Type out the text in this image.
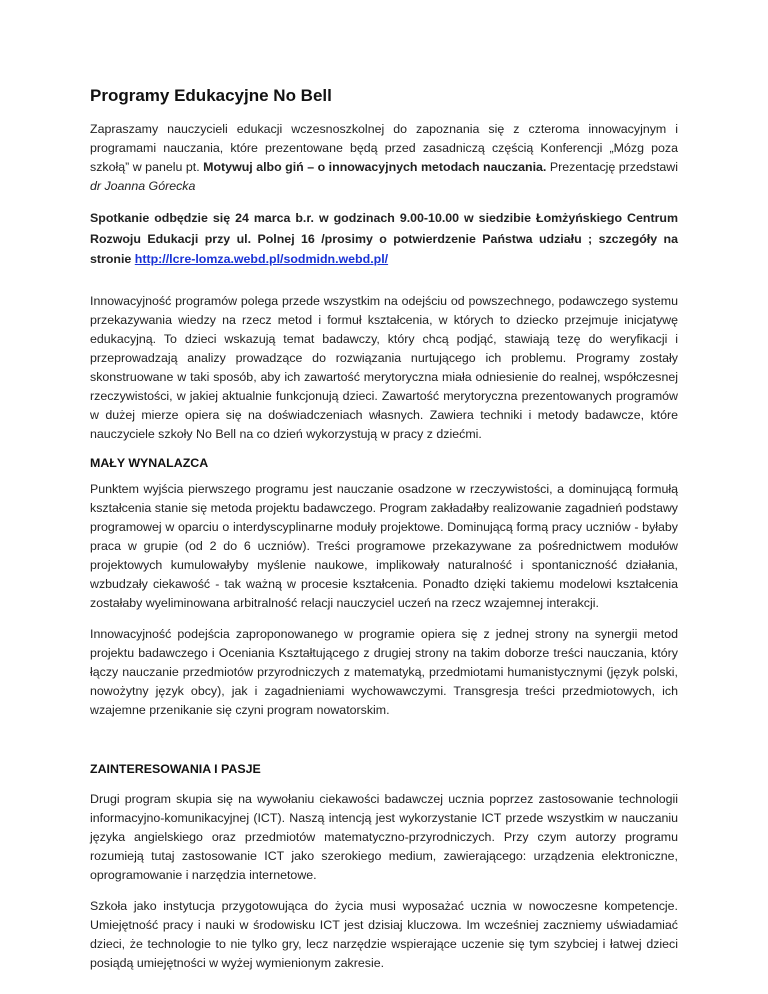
Programy Edukacyjne No Bell

Zapraszamy nauczycieli edukacji wczesnoszkolnej do zapoznania się z czteroma innowacyjnym i programami nauczania, które prezentowane będą przed zasadniczą częścią Konferencji „Mózg poza szkołą” w panelu pt. Motywuj albo giń – o innowacyjnych metodach nauczania. Prezentację przedstawi dr Joanna Górecka

Spotkanie odbędzie się 24 marca b.r. w godzinach 9.00-10.00 w siedzibie Łomżyńskiego Centrum Rozwoju Edukacji przy ul. Polnej 16 /prosimy o potwierdzenie Państwa udziału ; szczegóły na stronie http://lcre-lomza.webd.pl/sodmidn.webd.pl/

Innowacyjność programów polega przede wszystkim na odejściu od powszechnego, podawczego systemu przekazywania wiedzy na rzecz metod i formuł kształcenia, w których to dziecko przejmuje inicjatywę edukacyjną. To dzieci wskazują temat badawczy, który chcą podjąć, stawiają tezę do weryfikacji i przeprowadzają analizy prowadzące do rozwiązania nurtującego ich problemu. Programy zostały skonstruowane w taki sposób, aby ich zawartość merytoryczna miała odniesienie do realnej, współczesnej rzeczywistości, w jakiej aktualnie funkcjonują dzieci. Zawartość merytoryczna prezentowanych programów w dużej mierze opiera się na doświadczeniach własnych. Zawiera techniki i metody badawcze, które nauczyciele szkoły No Bell na co dzień wykorzystują w pracy z dziećmi.

MAŁY WYNALAZCA

Punktem wyjścia pierwszego programu jest nauczanie osadzone w rzeczywistości, a dominującą formułą kształcenia stanie się metoda projektu badawczego. Program zakładałby realizowanie zagadnień podstawy programowej w oparciu o interdyscyplinarne moduły projektowe. Dominującą formą pracy uczniów - byłaby praca w grupie (od 2 do 6 uczniów). Treści programowe przekazywane za pośrednictwem modułów projektowych kumulowałyby myślenie naukowe, implikowały naturalność i spontaniczność działania, wzbudzały ciekawość - tak ważną w procesie kształcenia. Ponadto dzięki takiemu modelowi kształcenia zostałaby wyeliminowana arbitralność relacji nauczyciel uczeń na rzecz wzajemnej interakcji.

Innowacyjność podejścia zaproponowanego w programie opiera się z jednej strony na synergii metod projektu badawczego i Oceniania Kształtującego z drugiej strony na takim doborze treści nauczania, który łączy nauczanie przedmiotów przyrodniczych z matematyką, przedmiotami humanistycznymi (język polski, nowożytny język obcy), jak i zagadnieniami wychowawczymi. Transgresja treści przedmiotowych, ich wzajemne przenikanie się czyni program nowatorskim.

ZAINTERESOWANIA I PASJE

Drugi program skupia się na wywołaniu ciekawości badawczej ucznia poprzez zastosowanie technologii informacyjno-komunikacyjnej (ICT). Naszą intencją jest wykorzystanie ICT przede wszystkim w nauczaniu języka angielskiego oraz przedmiotów matematyczno-przyrodniczych. Przy czym autorzy programu rozumieją tutaj zastosowanie ICT jako szerokiego medium, zawierającego: urządzenia elektroniczne, oprogramowanie i narzędzia internetowe.

Szkoła jako instytucja przygotowująca do życia musi wyposażać ucznia w nowoczesne kompetencje. Umiejętność pracy i nauki w środowisku ICT jest dzisiaj kluczowa. Im wcześniej zaczniemy uświadamiać dzieci, że technologie to nie tylko gry, lecz narzędzie wspierające uczenie się tym szybciej i łatwej dzieci posiądą umiejętności w wyżej wymienionym zakresie.
